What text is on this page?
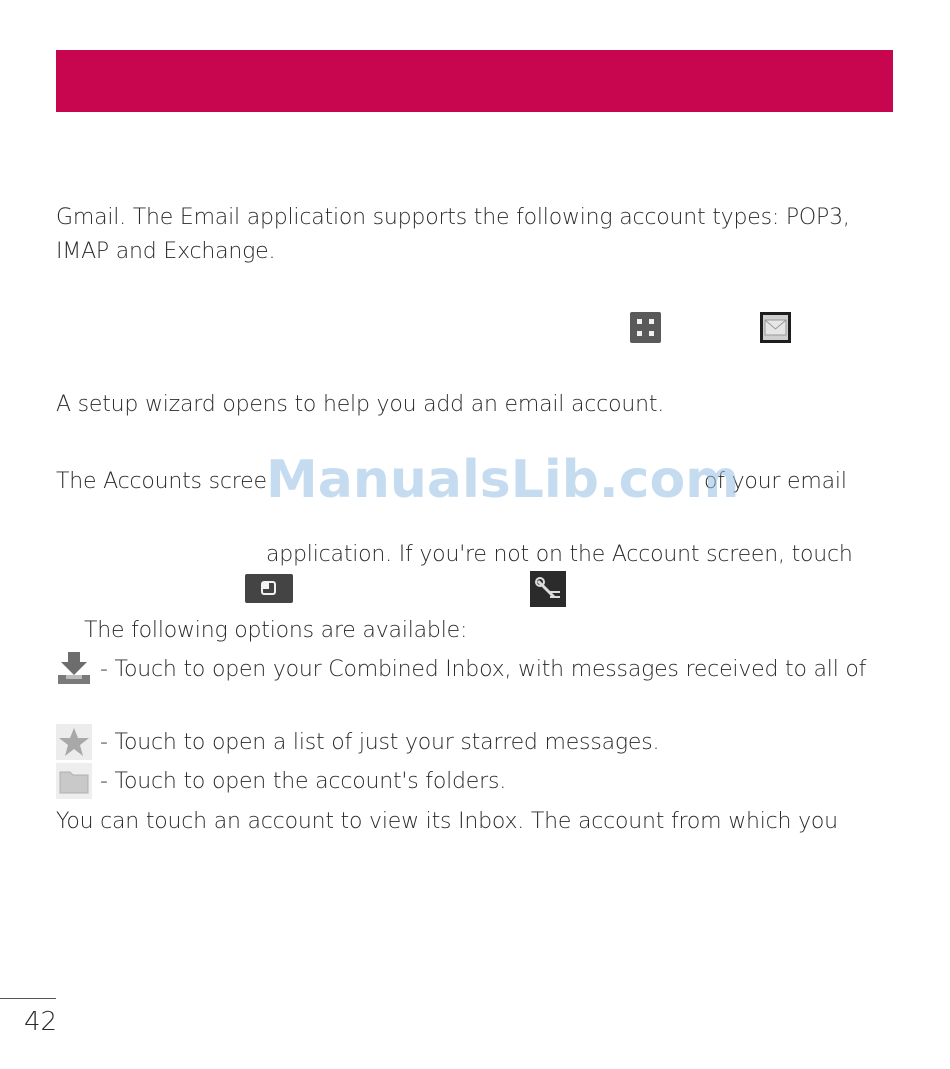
Gmail. The Email application supports the following account types: POP3,
IMAP and Exchange.
A setup wizard opens to help you add an email account.
The Accounts scree	of your email
ManualsLib.com
application. If you're not on the Account screen, touch
The following options are available:
- Touch to open your Combined Inbox, with messages received to all of
- Touch to open a list of just your starred messages.
- Touch to open the account's folders.
You can touch an account to view its Inbox. The account from which you
42
